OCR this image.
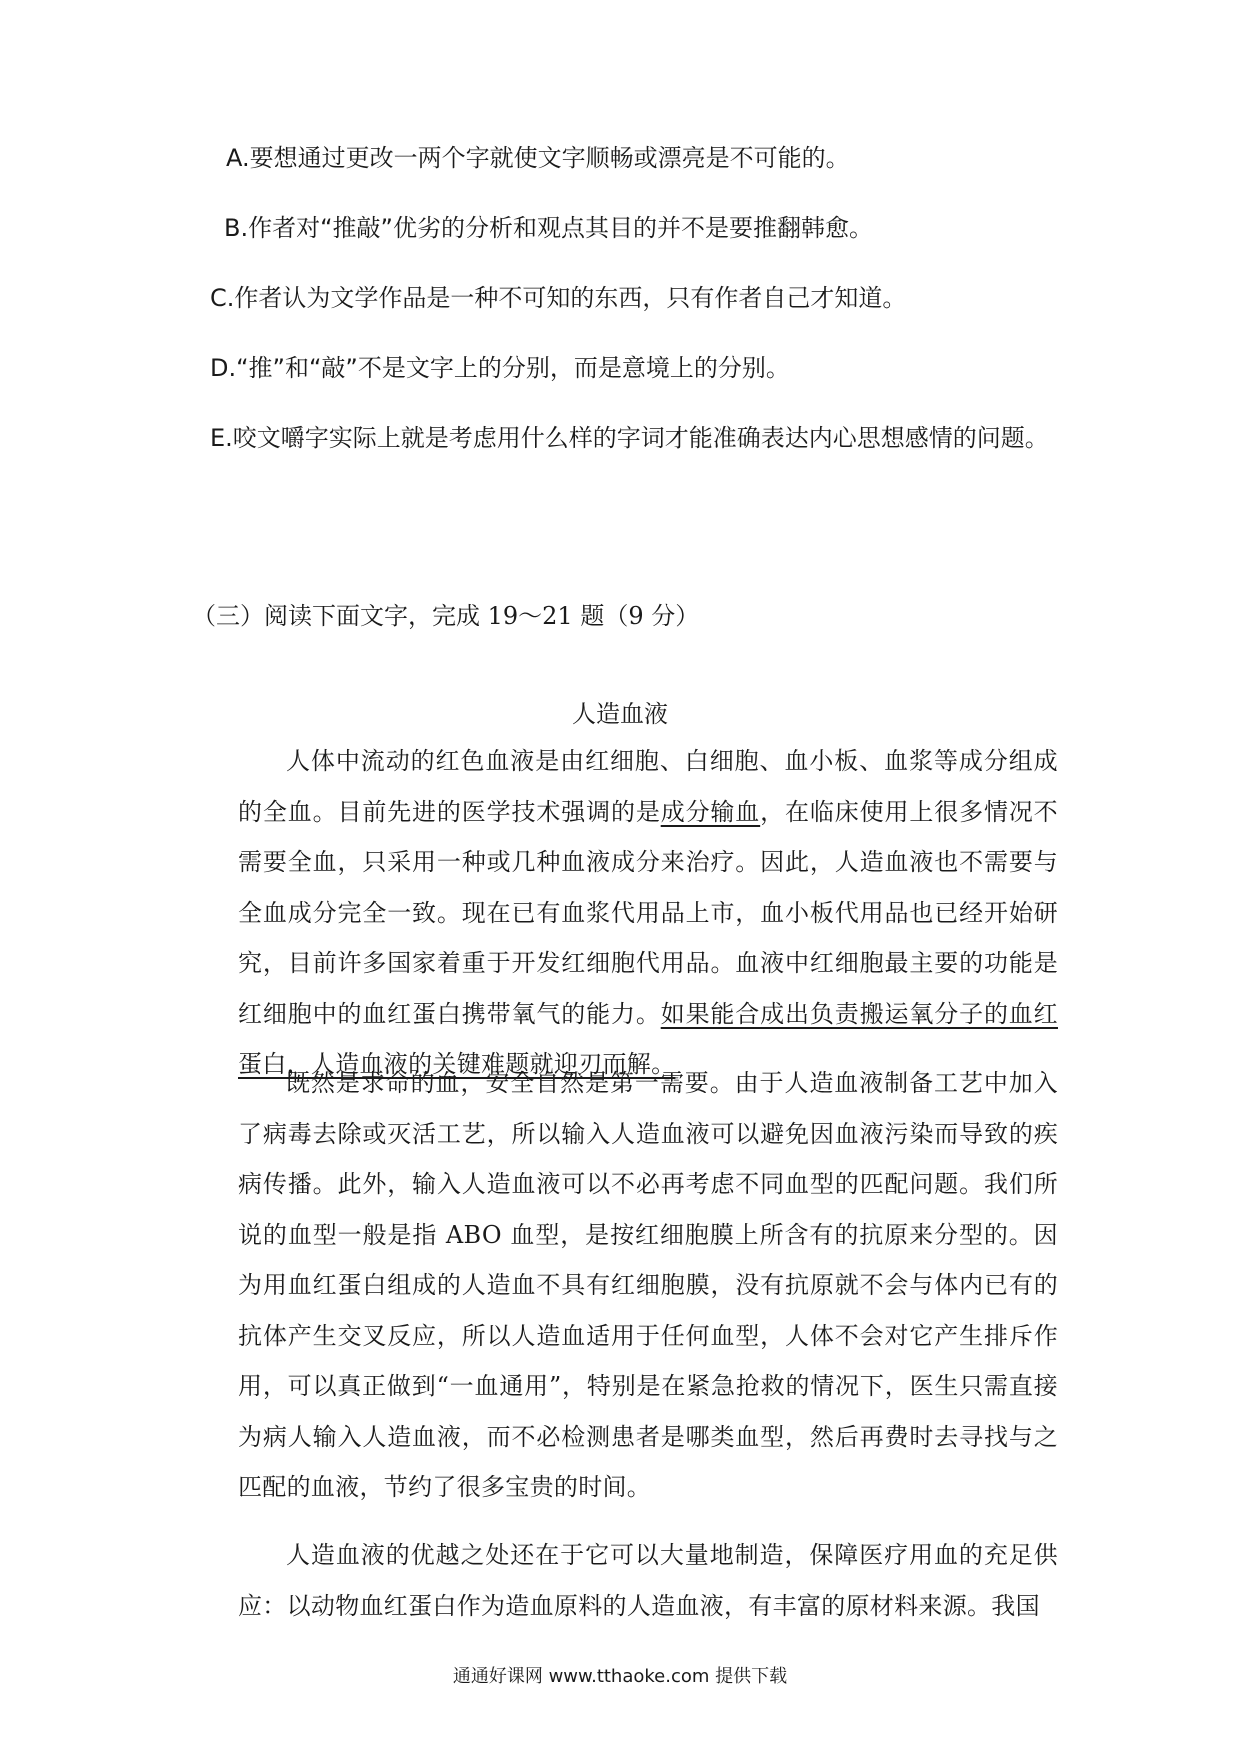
A.要想通过更改一两个字就使文字顺畅或漂亮是不可能的。
B.作者对“推敲”优劣的分析和观点其目的并不是要推翻韩愈。
C.作者认为文学作品是一种不可知的东西，只有作者自己才知道。
D.“推”和“敲”不是文字上的分别，而是意境上的分别。
E.咬文嚼字实际上就是考虑用什么样的字词才能准确表达内心思想感情的问题。
（三）阅读下面文字，完成 19～21 题（9 分）
人造血液
人体中流动的红色血液是由红细胞、白细胞、血小板、血浆等成分组成的全血。目前先进的医学技术强调的是成分输血，在临床使用上很多情况不需要全血，只采用一种或几种血液成分来治疗。因此，人造血液也不需要与全血成分完全一致。现在已有血浆代用品上市，血小板代用品也已经开始研究，目前许多国家着重于开发红细胞代用品。血液中红细胞最主要的功能是红细胞中的血红蛋白携带氧气的能力。如果能合成出负责搬运氧分子的血红蛋白，人造血液的关键难题就迎刃而解。
既然是求命的血，安全自然是第一需要。由于人造血液制备工艺中加入了病毒去除或灭活工艺，所以输入人造血液可以避免因血液污染而导致的疾病传播。此外，输入人造血液可以不必再考虑不同血型的匹配问题。我们所说的血型一般是指 ABO 血型，是按红细胞膜上所含有的抗原来分型的。因为用血红蛋白组成的人造血不具有红细胞膜，没有抗原就不会与体内已有的抗体产生交叉反应，所以人造血适用于任何血型，人体不会对它产生排斥作用，可以真正做到“一血通用”，特别是在紧急抢救的情况下，医生只需直接为病人输入人造血液，而不必检测患者是哪类血型，然后再费时去寻找与之匹配的血液，节约了很多宝贵的时间。
人造血液的优越之处还在于它可以大量地制造，保障医疗用血的充足供应：以动物血红蛋白作为造血原料的人造血液，有丰富的原材料来源。我国
通通好课网 www.tthaoke.com 提供下载
